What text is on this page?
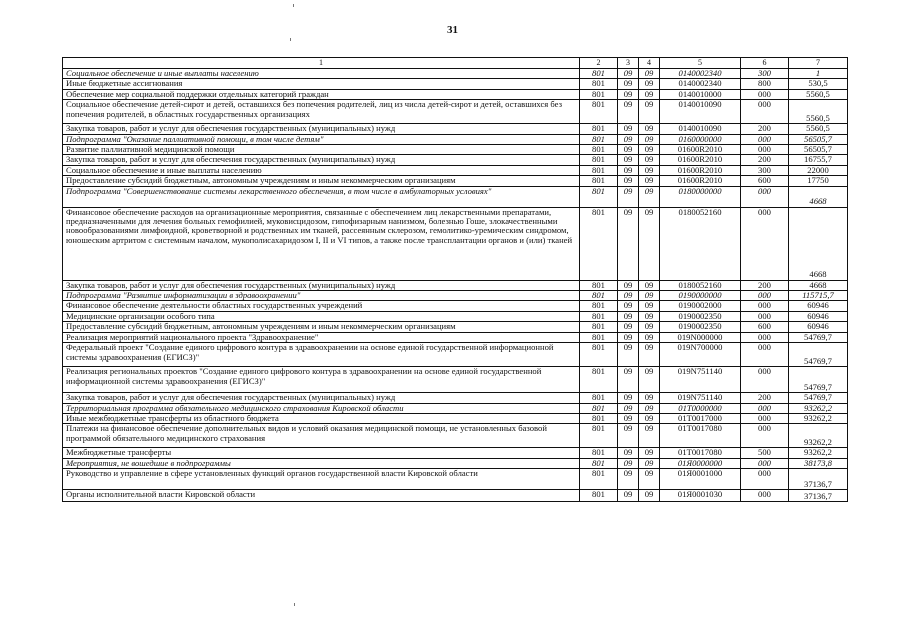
31
1	2	3	4	5	6	7
Социальное обеспечение и иные выплаты населению	801	09	09	0140002340	300	1
Иные бюджетные ассигнования	801	09	09	0140002340	800	530,5
Обеспечение мер социальной поддержки отдельных категорий граждан	801	09	09	0140010000	000	5560,5
Социальное обеспечение детей-сирот и детей, оставшихся без попечения родителей, лиц из числа детей-сирот и детей, оставшихся без попечения родителей, в областных государственных организациях	801	09	09	0140010090	000	5560,5
Закупка товаров, работ и услуг для обеспечения государственных (муниципальных) нужд	801	09	09	0140010090	200	5560,5
Подпрограмма "Оказание паллиативной помощи, в том числе детям"	801	09	09	0160000000	000	56505,7
Развитие паллиативной медицинской помощи	801	09	09	01600R2010	000	56505,7
Закупка товаров, работ и услуг для обеспечения государственных (муниципальных) нужд	801	09	09	01600R2010	200	16755,7
Социальное обеспечение и иные выплаты населению	801	09	09	01600R2010	300	22000
Предоставление субсидий бюджетным, автономным учреждениям и иным некоммерческим организациям	801	09	09	01600R2010	600	17750
Подпрограмма "Совершенствование системы лекарственного обеспечения, в том числе в амбулаторных условиях"	801	09	09	0180000000	000	4668
Финансовое обеспечение расходов на организационные мероприятия, связанные с обеспечением лиц лекарственными препаратами, предназначенными для лечения больных гемофилией, муковисцидозом, гипофизарным нанизмом, болезнью Гоше, злокачественными новообразованиями лимфоидной, кроветворной и родственных им тканей, рассеянным склерозом, гемолитико-уремическим синдромом, юношеским артритом с системным началом, мукополисахаридозом I, II и VI типов, а также после трансплантации органов и (или) тканей	801	09	09	0180052160	000	4668
Закупка товаров, работ и услуг для обеспечения государственных (муниципальных) нужд	801	09	09	0180052160	200	4668
Подпрограмма "Развитие информатизации в здравоохранении"	801	09	09	0190000000	000	115715,7
Финансовое обеспечение деятельности областных государственных учреждений	801	09	09	0190002000	000	60946
Медицинские организации особого типа	801	09	09	0190002350	000	60946
Предоставление субсидий бюджетным, автономным учреждениям и иным некоммерческим организациям	801	09	09	0190002350	600	60946
Реализация мероприятий национального проекта "Здравоохранение"	801	09	09	019N000000	000	54769,7
Федеральный проект "Создание единого цифрового контура в здравоохранении на основе единой государственной информационной системы здравоохранения (ЕГИСЗ)"	801	09	09	019N700000	000	54769,7
Реализация региональных проектов "Создание единого цифрового контура в здравоохранении на основе единой государственной информационной системы здравоохранения (ЕГИСЗ)"	801	09	09	019N751140	000	54769,7
Закупка товаров, работ и услуг для обеспечения государственных (муниципальных) нужд	801	09	09	019N751140	200	54769,7
Территориальная программа обязательного медицинского страхования Кировской области	801	09	09	01T0000000	000	93262,2
Иные межбюджетные трансферты из областного бюджета	801	09	09	01T0017000	000	93262,2
Платежи на финансовое обеспечение дополнительных видов и условий оказания медицинской помощи, не установленных базовой программой обязательного медицинского страхования	801	09	09	01T0017080	000	93262,2
Межбюджетные трансферты	801	09	09	01T0017080	500	93262,2
Мероприятия, не вошедшие в подпрограммы	801	09	09	01Я0000000	000	38173,8
Руководство и управление в сфере установленных функций органов государственной власти Кировской области	801	09	09	01Я0001000	000	37136,7
Органы исполнительной власти Кировской области	801	09	09	01Я0001030	000	37136,7
